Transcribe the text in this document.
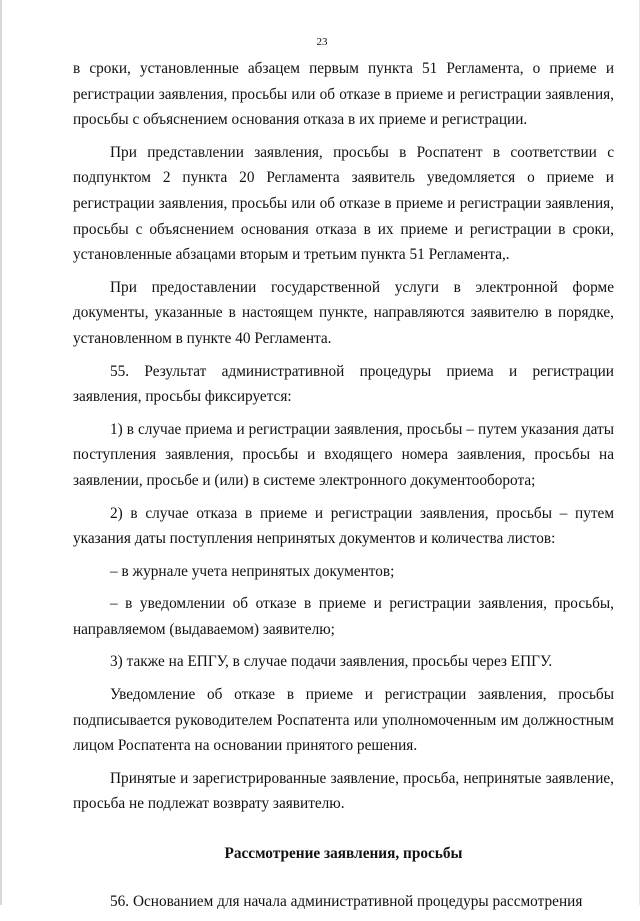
23

в сроки, установленные абзацем первым пункта 51 Регламента, о приеме и регистрации заявления, просьбы или об отказе в приеме и регистрации заявления, просьбы с объяснением основания отказа в их приеме и регистрации.

При представлении заявления, просьбы в Роспатент в соответствии с подпунктом 2 пункта 20 Регламента заявитель уведомляется о приеме и регистрации заявления, просьбы или об отказе в приеме и регистрации заявления, просьбы с объяснением основания отказа в их приеме и регистрации в сроки, установленные абзацами вторым и третьим пункта 51 Регламента,.

При предоставлении государственной услуги в электронной форме документы, указанные в настоящем пункте, направляются заявителю в порядке, установленном в пункте 40 Регламента.

55. Результат административной процедуры приема и регистрации заявления, просьбы фиксируется:

1) в случае приема и регистрации заявления, просьбы – путем указания даты поступления заявления, просьбы и входящего номера заявления, просьбы на заявлении, просьбе и (или) в системе электронного документооборота;

2) в случае отказа в приеме и регистрации заявления, просьбы – путем указания даты поступления непринятых документов и количества листов:

– в журнале учета непринятых документов;

– в уведомлении об отказе в приеме и регистрации заявления, просьбы, направляемом (выдаваемом) заявителю;

3) также на ЕПГУ, в случае подачи заявления, просьбы через ЕПГУ.

Уведомление об отказе в приеме и регистрации заявления, просьбы подписывается руководителем Роспатента или уполномоченным им должностным лицом Роспатента на основании принятого решения.

Принятые и зарегистрированные заявление, просьба, непринятые заявление, просьба не подлежат возврату заявителю.

Рассмотрение заявления, просьбы

56. Основанием для начала административной процедуры рассмотрения
